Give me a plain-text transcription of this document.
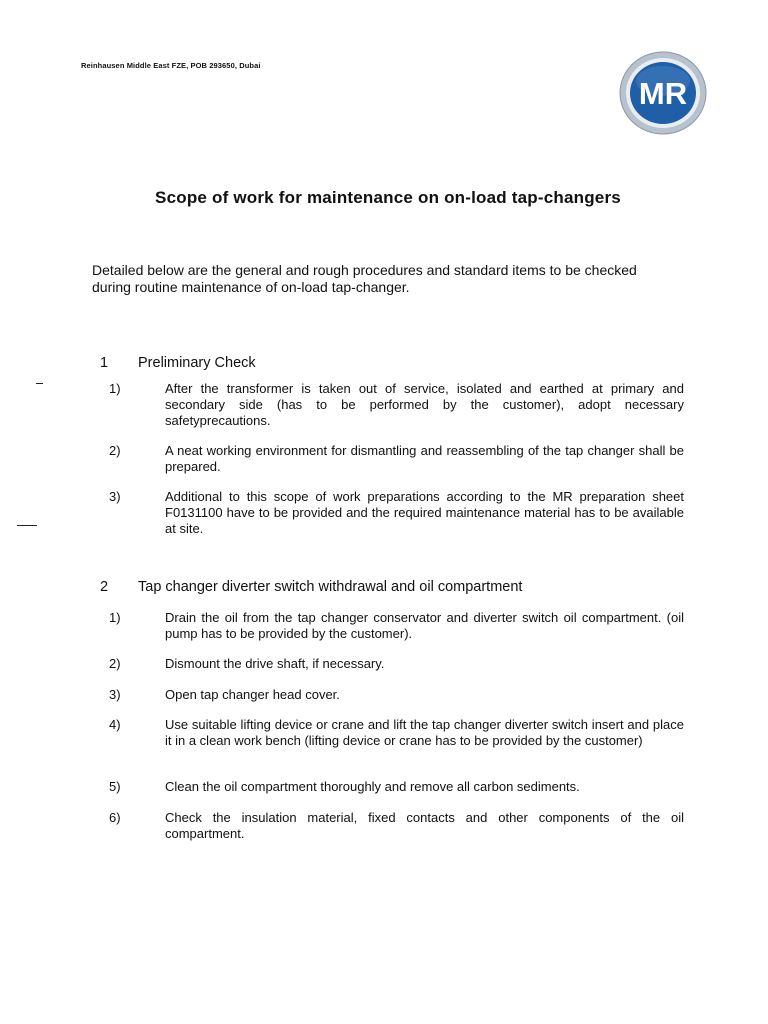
Reinhausen Middle East FZE, POB 293650, Dubai
MR
Scope of work for maintenance on on-load tap-changers
Detailed below are the general and rough procedures and standard items to be checked during routine maintenance of on-load tap-changer.
1 Preliminary Check
1)	After the transformer is taken out of service, isolated and earthed at primary and secondary side (has to be performed by the customer), adopt necessary safetyprecautions.
2)	A neat working environment for dismantling and reassembling of the tap changer shall be prepared.
3)	Additional to this scope of work preparations according to the MR preparation sheet F0131100 have to be provided and the required maintenance material has to be available at site.
2 Tap changer diverter switch withdrawal and oil compartment
1)	Drain the oil from the tap changer conservator and diverter switch oil compartment. (oil pump has to be provided by the customer).
2)	Dismount the drive shaft, if necessary.
3)	Open tap changer head cover.
4)	Use suitable lifting device or crane and lift the tap changer diverter switch insert and place it in a clean work bench (lifting device or crane has to be provided by the customer)
5)	Clean the oil compartment thoroughly and remove all carbon sediments.
6)	Check the insulation material, fixed contacts and other components of the oil compartment.
